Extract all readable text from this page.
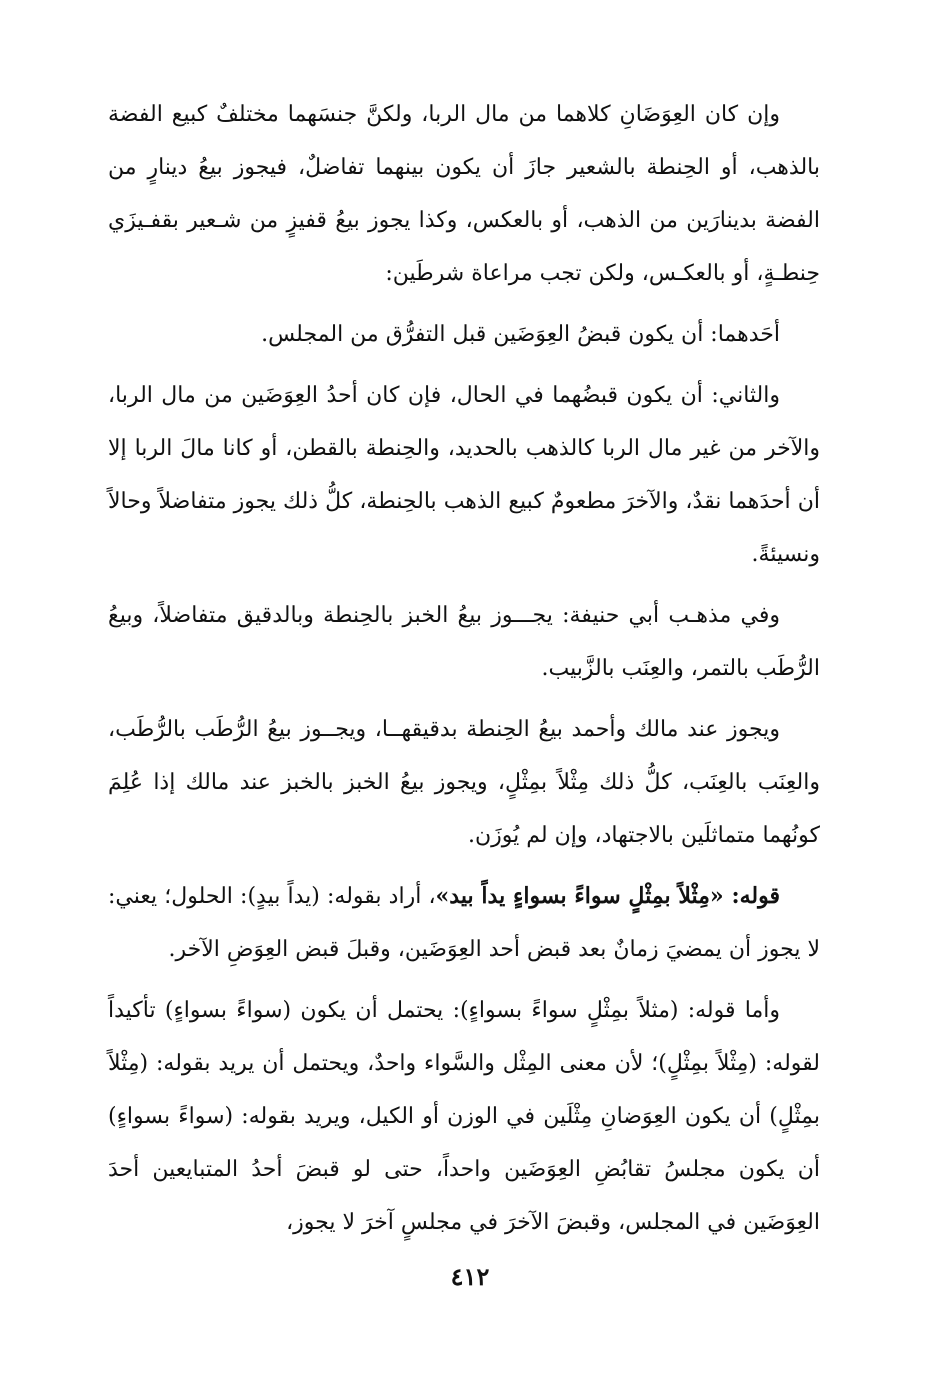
وإن كان العِوَضَانِ كلاهما من مال الربا، ولكنَّ جنسَهما مختلفٌ كبيع الفضة بالذهب، أو الحِنطة بالشعير جازَ أن يكون بينهما تفاضلٌ، فيجوز بيعُ دينارٍ من الفضة بدينارَين من الذهب، أو بالعكس، وكذا يجوز بيعُ قفيزٍ من شـعير بقفـيزَي حِنطـةٍ، أو بالعكـس، ولكن تجب مراعاة شرطَين:

أحَدهما: أن يكون قبضُ العِوَضَين قبل التفرُّق من المجلس.

والثاني: أن يكون قبضُهما في الحال، فإن كان أحدُ العِوَضَين من مال الربا، والآخر من غير مال الربا كالذهب بالحديد، والحِنطة بالقطن، أو كانا مالَ الربا إلا أن أحدَهما نقدٌ، والآخرَ مطعومٌ كبيع الذهب بالحِنطة، كلُّ ذلك يجوز متفاضلاً وحالاً ونسيئةً.

وفي مذهـب أبي حنيفة: يجـــوز بيعُ الخبز بالحِنطة وبالدقيق متفاضلاً، وبيعُ الرُّطَب بالتمر، والعِنَب بالزَّبيب.

ويجوز عند مالك وأحمد بيعُ الحِنطة بدقيقهــا، ويجــوز بيعُ الرُّطَب بالرُّطَب، والعِنَب بالعِنَب، كلُّ ذلك مِثْلاً بمِثْلٍ، ويجوز بيعُ الخبز بالخبز عند مالك إذا عُلِمَ كونُهما متماثلَين بالاجتهاد، وإن لم يُوزَن.

قوله: «مِثْلاً بمِثْلٍ سواءً بسواءٍ يداً بيد»، أراد بقوله: (يداً بيدٍ): الحلول؛ يعني: لا يجوز أن يمضيَ زمانٌ بعد قبض أحد العِوَضَين، وقبلَ قبض العِوَضِ الآخر.

وأما قوله: (مثلاً بمِثْلٍ سواءً بسواءٍ): يحتمل أن يكون (سواءً بسواءٍ) تأكيداً لقوله: (مِثْلاً بمِثْلٍ)؛ لأن معنى المِثْل والسَّواء واحدٌ، ويحتمل أن يريد بقوله: (مِثْلاً بمِثْلٍ) أن يكون العِوَضانِ مِثْلَين في الوزن أو الكيل، ويريد بقوله: (سواءً بسواءٍ) أن يكون مجلسُ تقابُضِ العِوَضَين واحداً، حتى لو قبضَ أحدُ المتبايعين أحدَ العِوَضَين في المجلس، وقبضَ الآخرَ في مجلسٍ آخرَ لا يجوز،

٤١٢
